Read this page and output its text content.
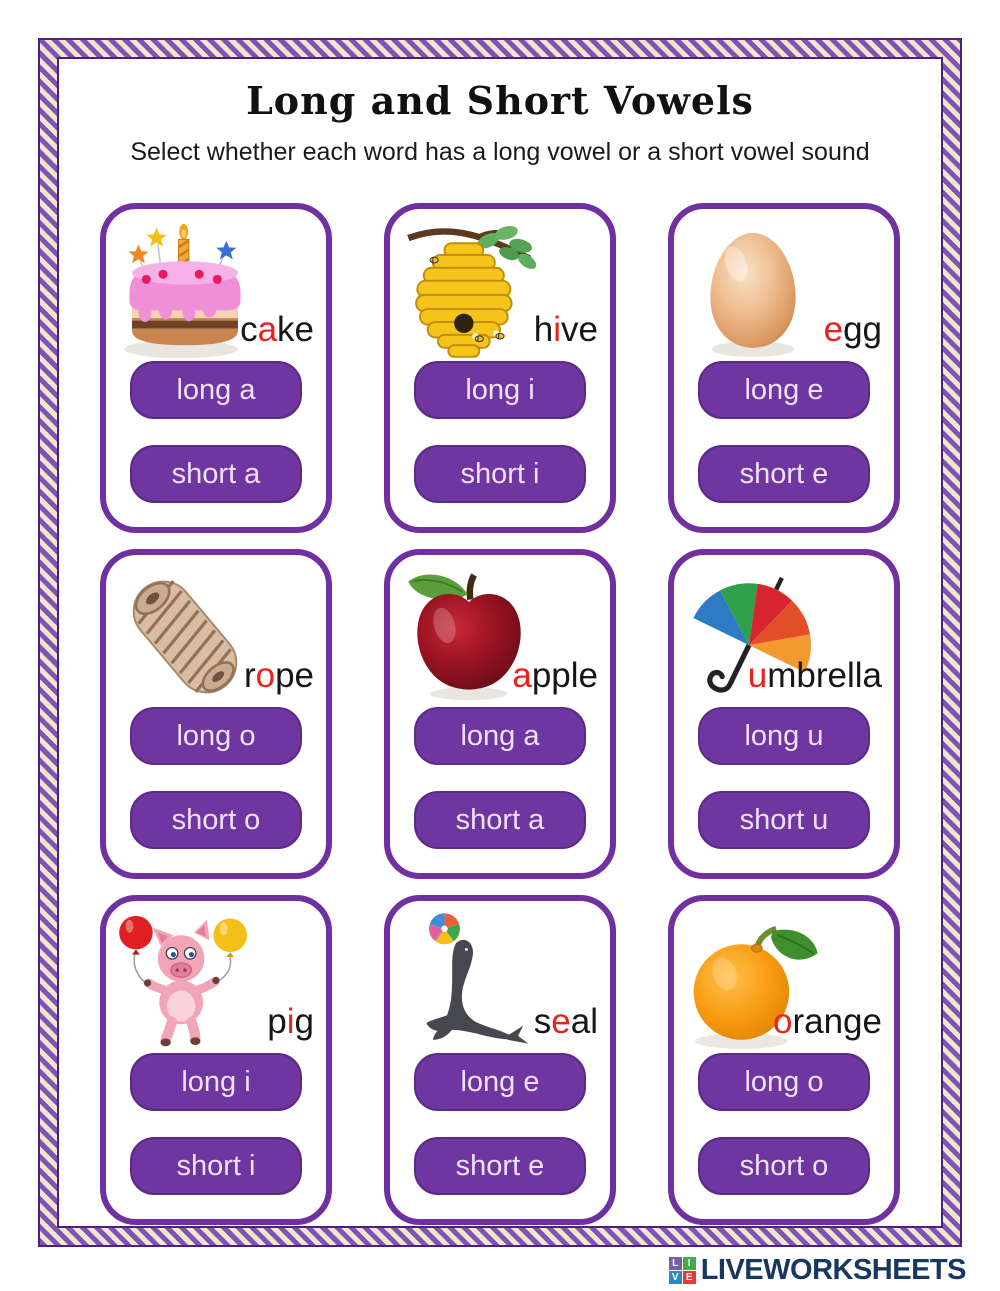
Long and Short Vowels
Select whether each word has a long vowel or a short vowel sound
cake
long a
short a
hive
long i
short i
egg
long e
short e
rope
long o
short o
apple
long a
short a
umbrella
long u
short u
pig
long i
short i
seal
long e
short e
orange
long o
short o
L I
V E LIVEWORKSHEETS
